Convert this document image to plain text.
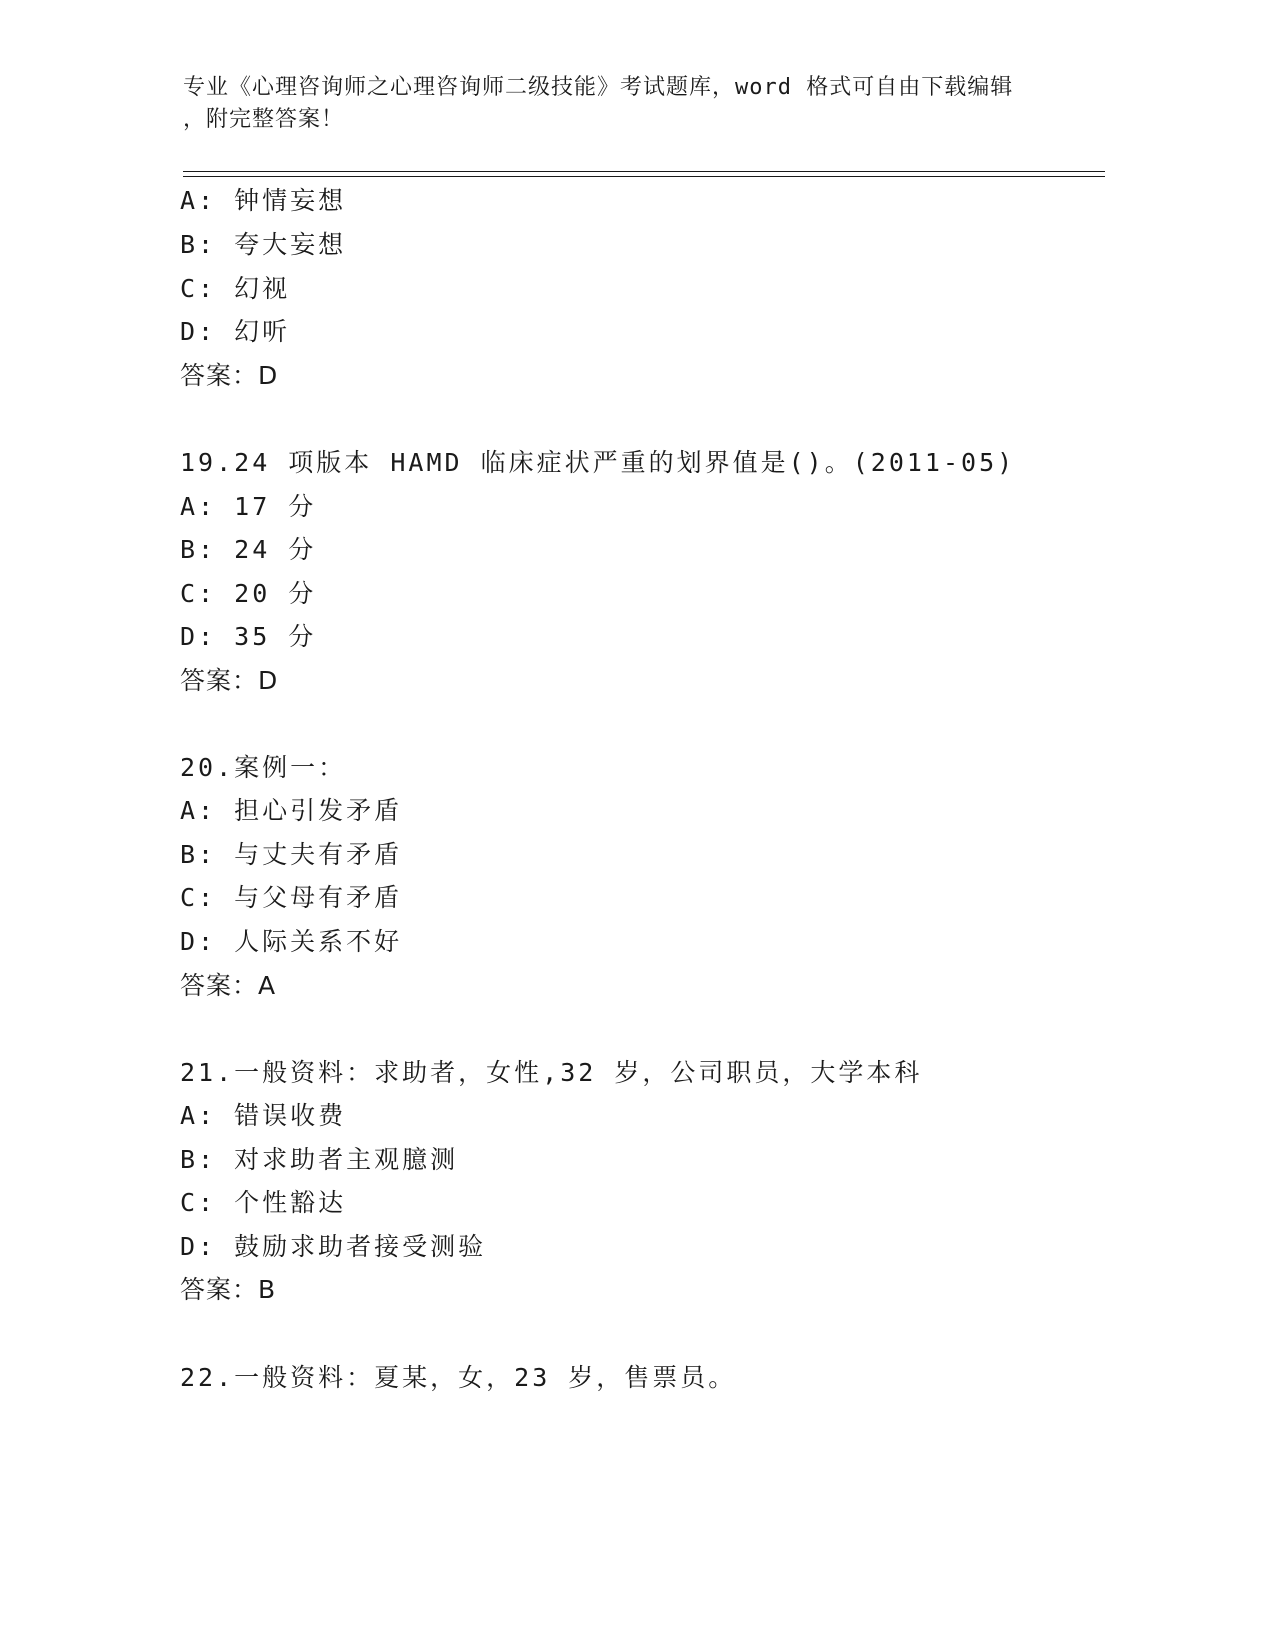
专业《心理咨询师之心理咨询师二级技能》考试题库，word 格式可自由下载编辑
，附完整答案！
A: 钟情妄想
B: 夸大妄想
C: 幻视
D: 幻听
答案：D
19.24 项版本 HAMD 临床症状严重的划界值是()。(2011-05)
A: 17 分
B: 24 分
C: 20 分
D: 35 分
答案：D
20.案例一：
A: 担心引发矛盾
B: 与丈夫有矛盾
C: 与父母有矛盾
D: 人际关系不好
答案：A
21.一般资料：求助者，女性,32 岁，公司职员，大学本科
A: 错误收费
B: 对求助者主观臆测
C: 个性豁达
D: 鼓励求助者接受测验
答案：B
22.一般资料：夏某，女，23 岁，售票员。
